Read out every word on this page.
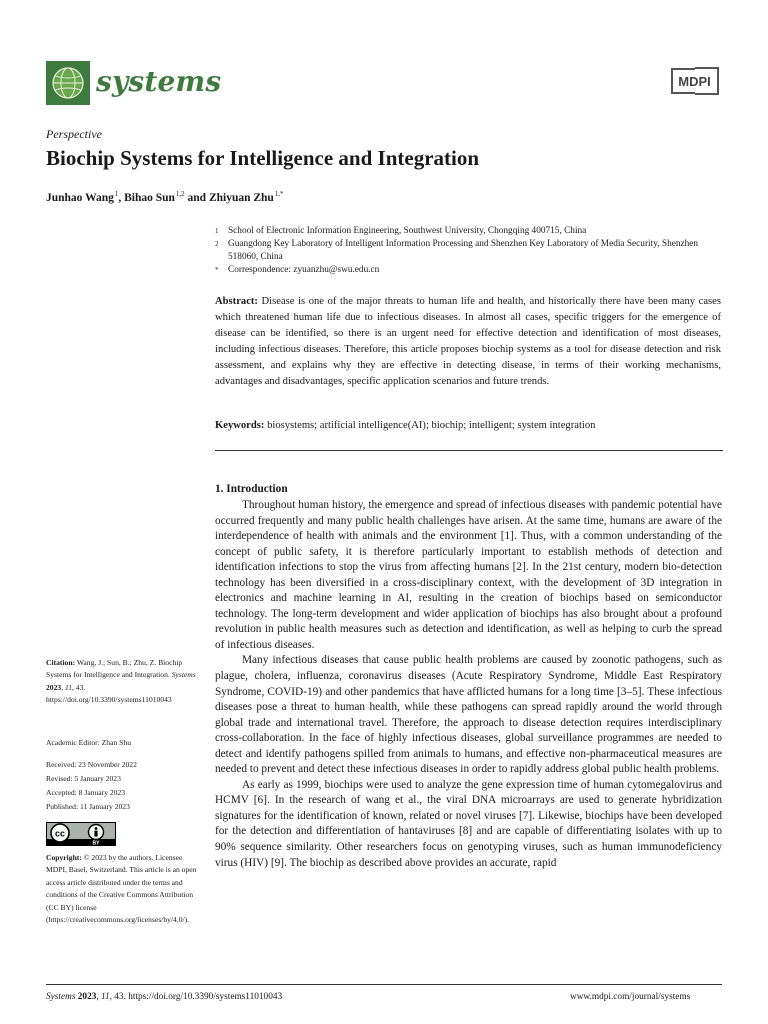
systems	MDPI
Perspective
Biochip Systems for Intelligence and Integration
Junhao Wang $^1$, Bihao Sun $^{1,2}$ and Zhiyuan Zhu $^{1,*}$
1 School of Electronic Information Engineering, Southwest University, Chongqing 400715, China
2 Guangdong Key Laboratory of Intelligent Information Processing and Shenzhen Key Laboratory of Media Security, Shenzhen 518060, China
* Correspondence: zyuanzhu@swu.edu.cn
Abstract: Disease is one of the major threats to human life and health, and historically there have been many cases which threatened human life due to infectious diseases. In almost all cases, specific triggers for the emergence of disease can be identified, so there is an urgent need for effective detection and identification of most diseases, including infectious diseases. Therefore, this article proposes biochip systems as a tool for disease detection and risk assessment, and explains why they are effective in detecting disease, in terms of their working mechanisms, advantages and disadvantages, specific application scenarios and future trends.
Keywords: biosystems; artificial intelligence(AI); biochip; intelligent; system integration
1. Introduction

Throughout human history, the emergence and spread of infectious diseases with pandemic potential have occurred frequently and many public health challenges have arisen. At the same time, humans are aware of the interdependence of health with animals and the environment [1]. Thus, with a common understanding of the concept of public safety, it is therefore particularly important to establish methods of detection and identification infections to stop the virus from affecting humans [2]. In the 21st century, modern bio-detection technology has been diversified in a cross-disciplinary context, with the development of 3D integration in electronics and machine learning in AI, resulting in the creation of biochips based on semiconductor technology. The long-term development and wider application of biochips has also brought about a profound revolution in public health measures such as detection and identification, as well as helping to curb the spread of infectious diseases.

Many infectious diseases that cause public health problems are caused by zoonotic pathogens, such as plague, cholera, influenza, coronavirus diseases (Acute Respiratory Syndrome, Middle East Respiratory Syndrome, COVID-19) and other pandemics that have afflicted humans for a long time [3–5]. These infectious diseases pose a threat to human health, while these pathogens can spread rapidly around the world through global trade and international travel. Therefore, the approach to disease detection requires interdisciplinary cross-collaboration. In the face of highly infectious diseases, global surveillance programmes are needed to detect and identify pathogens spilled from animals to humans, and effective non-pharmaceutical measures are needed to prevent and detect these infectious diseases in order to rapidly address global public health problems.

As early as 1999, biochips were used to analyze the gene expression time of human cytomegalovirus and HCMV [6]. In the research of wang et al., the viral DNA microarrays are used to generate hybridization signatures for the identification of known, related or novel viruses [7]. Likewise, biochips have been developed for the detection and differentiation of hantaviruses [8] and are capable of differentiating isolates with up to 90% sequence similarity. Other researchers focus on genotyping viruses, such as human immunodeficiency virus (HIV) [9]. The biochip as described above provides an accurate, rapid

Citation: Wang, J.; Sun, B.; Zhu, Z. Biochip Systems for Intelligence and Integration. Systems 2023, 11, 43. https://doi.org/10.3390/systems11010043
Academic Editor: Zhan Shu
Received: 23 November 2022
Revised: 5 January 2023
Accepted: 8 January 2023
Published: 11 January 2023
cc
BY
Copyright: © 2023 by the authors. Licensee MDPI, Basel, Switzerland. This article is an open access article distributed under the terms and conditions of the Creative Commons Attribution (CC BY) license (https://creativecommons.org/licenses/by/4.0/).
Systems 2023, 11, 43. https://doi.org/10.3390/systems11010043	www.mdpi.com/journal/systems
